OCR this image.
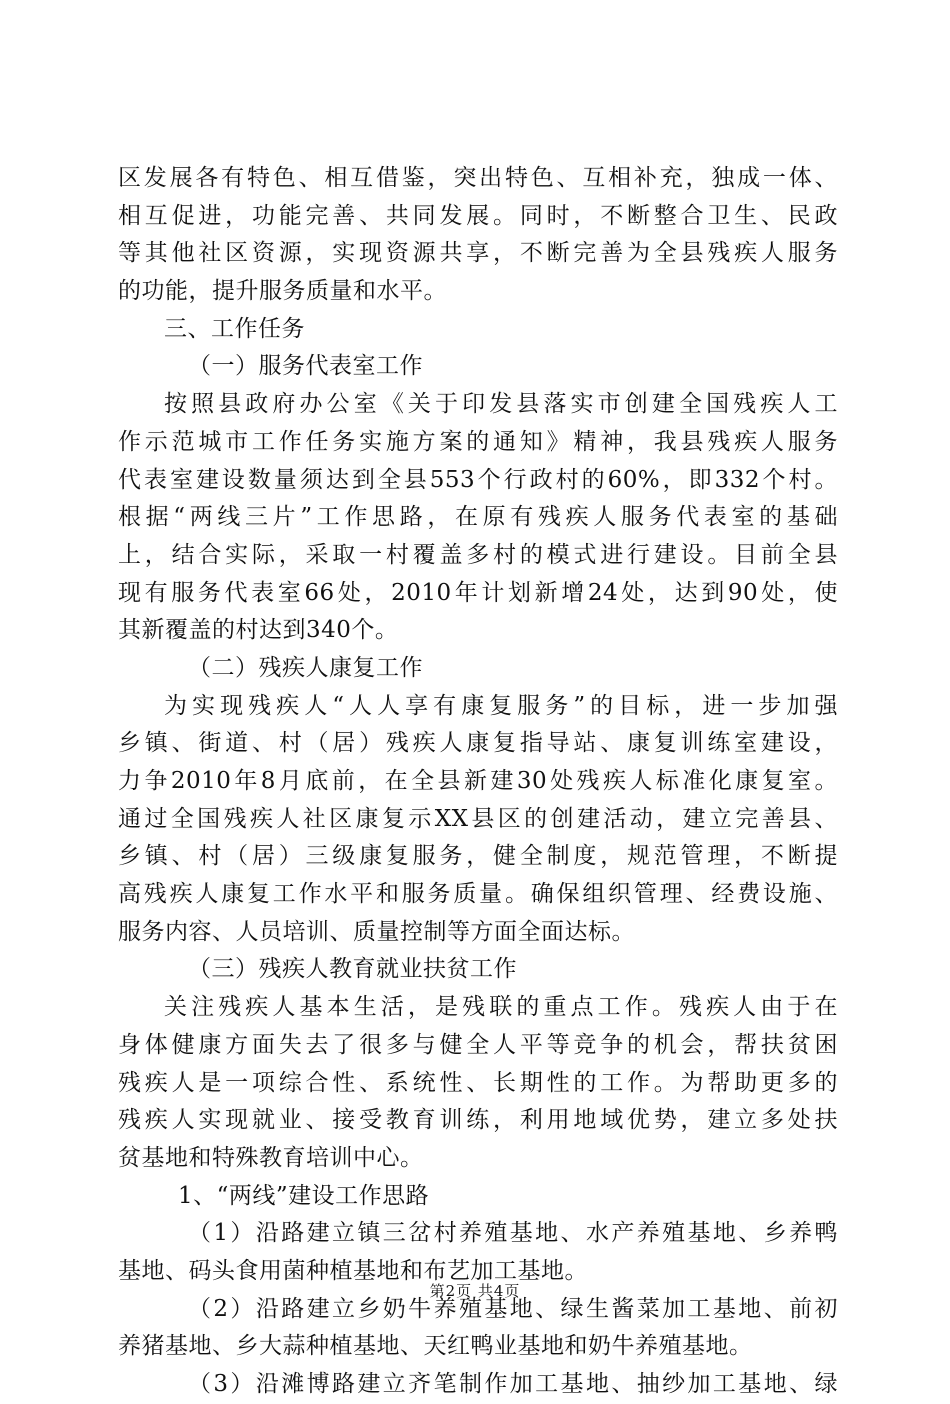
区发展各有特色、相互借鉴，突出特色、互相补充，独成一体、
相互促进，功能完善、共同发展。同时，不断整合卫生、民政
等其他社区资源，实现资源共享，不断完善为全县残疾人服务
的功能，提升服务质量和水平。
三、工作任务
（一）服务代表室工作
按照县政府办公室《关于印发县落实市创建全国残疾人工
作示范城市工作任务实施方案的通知》精神，我县残疾人服务
代表室建设数量须达到全县553个行政村的60%，即332个村。
根据“两线三片”工作思路，在原有残疾人服务代表室的基础
上，结合实际，采取一村覆盖多村的模式进行建设。目前全县
现有服务代表室66处，2010年计划新增24处，达到90处，使
其新覆盖的村达到340个。
（二）残疾人康复工作
为实现残疾人“人人享有康复服务”的目标，进一步加强
乡镇、街道、村（居）残疾人康复指导站、康复训练室建设，
力争2010年8月底前，在全县新建30处残疾人标准化康复室。
通过全国残疾人社区康复示XX县区的创建活动，建立完善县、
乡镇、村（居）三级康复服务，健全制度，规范管理，不断提
高残疾人康复工作水平和服务质量。确保组织管理、经费设施、
服务内容、人员培训、质量控制等方面全面达标。
（三）残疾人教育就业扶贫工作
关注残疾人基本生活，是残联的重点工作。残疾人由于在
身体健康方面失去了很多与健全人平等竞争的机会，帮扶贫困
残疾人是一项综合性、系统性、长期性的工作。为帮助更多的
残疾人实现就业、接受教育训练，利用地域优势，建立多处扶
贫基地和特殊教育培训中心。
1、“两线”建设工作思路
（1）沿路建立镇三岔村养殖基地、水产养殖基地、乡养鸭
基地、码头食用菌种植基地和布艺加工基地。
（2）沿路建立乡奶牛养殖基地、绿生酱菜加工基地、前初
养猪基地、乡大蒜种植基地、天红鸭业基地和奶牛养殖基地。
（3）沿滩博路建立齐笔制作加工基地、抽纱加工基地、绿
第2页 共4页
